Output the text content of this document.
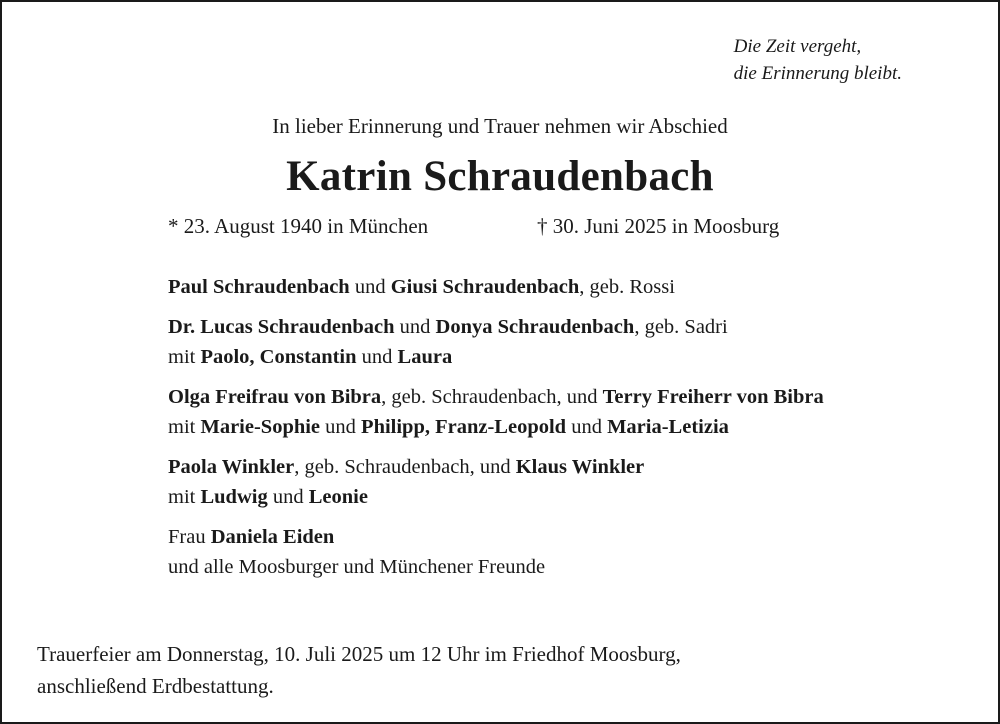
Die Zeit vergeht,
die Erinnerung bleibt.
In lieber Erinnerung und Trauer nehmen wir Abschied
Katrin Schraudenbach
* 23. August 1940 in München	† 30. Juni 2025 in Moosburg
Paul Schraudenbach und Giusi Schraudenbach, geb. Rossi
Dr. Lucas Schraudenbach und Donya Schraudenbach, geb. Sadri
mit Paolo, Constantin und Laura
Olga Freifrau von Bibra, geb. Schraudenbach, und Terry Freiherr von Bibra
mit Marie-Sophie und Philipp, Franz-Leopold und Maria-Letizia
Paola Winkler, geb. Schraudenbach, und Klaus Winkler
mit Ludwig und Leonie
Frau Daniela Eiden
und alle Moosburger und Münchener Freunde
Trauerfeier am Donnerstag, 10. Juli 2025 um 12 Uhr im Friedhof Moosburg,
anschließend Erdbestattung.
